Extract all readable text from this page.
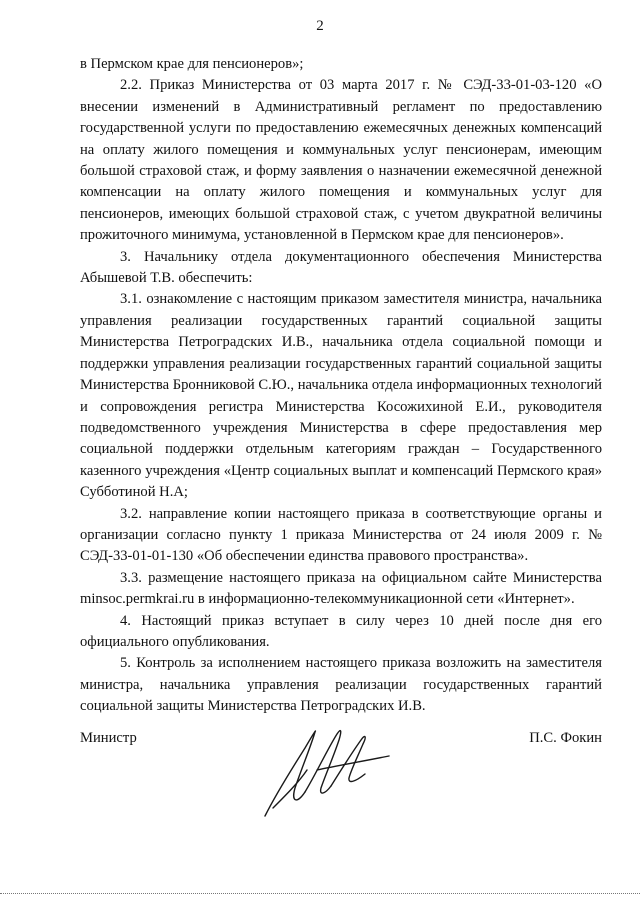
2

в Пермском крае для пенсионеров»;

2.2. Приказ Министерства от 03 марта 2017 г. № СЭД-33-01-03-120 «О внесении изменений в Административный регламент по предоставлению государственной услуги по предоставлению ежемесячных денежных компенсаций на оплату жилого помещения и коммунальных услуг пенсионерам, имеющим большой страховой стаж, и форму заявления о назначении ежемесячной денежной компенсации на оплату жилого помещения и коммунальных услуг для пенсионеров, имеющих большой страховой стаж, с учетом двукратной величины прожиточного минимума, установленной в Пермском крае для пенсионеров».

3. Начальнику отдела документационного обеспечения Министерства Абышевой Т.В. обеспечить:

3.1. ознакомление с настоящим приказом заместителя министра, начальника управления реализации государственных гарантий социальной защиты Министерства Петроградских И.В., начальника отдела социальной помощи и поддержки управления реализации государственных гарантий социальной защиты Министерства Бронниковой С.Ю., начальника отдела информационных технологий и сопровождения регистра Министерства Косожихиной Е.И., руководителя подведомственного учреждения Министерства в сфере предоставления мер социальной поддержки отдельным категориям граждан – Государственного казенного учреждения «Центр социальных выплат и компенсаций Пермского края» Субботиной Н.А;

3.2. направление копии настоящего приказа в соответствующие органы и организации согласно пункту 1 приказа Министерства от 24 июля 2009 г. № СЭД-33-01-01-130 «Об обеспечении единства правового пространства».

3.3. размещение настоящего приказа на официальном сайте Министерства minsoc.permkrai.ru в информационно-телекоммуникационной сети «Интернет».

4. Настоящий приказ вступает в силу через 10 дней после дня его официального опубликования.

5. Контроль за исполнением настоящего приказа возложить на заместителя министра, начальника управления реализации государственных гарантий социальной защиты Министерства Петроградских И.В.

Министр	П.С. Фокин
